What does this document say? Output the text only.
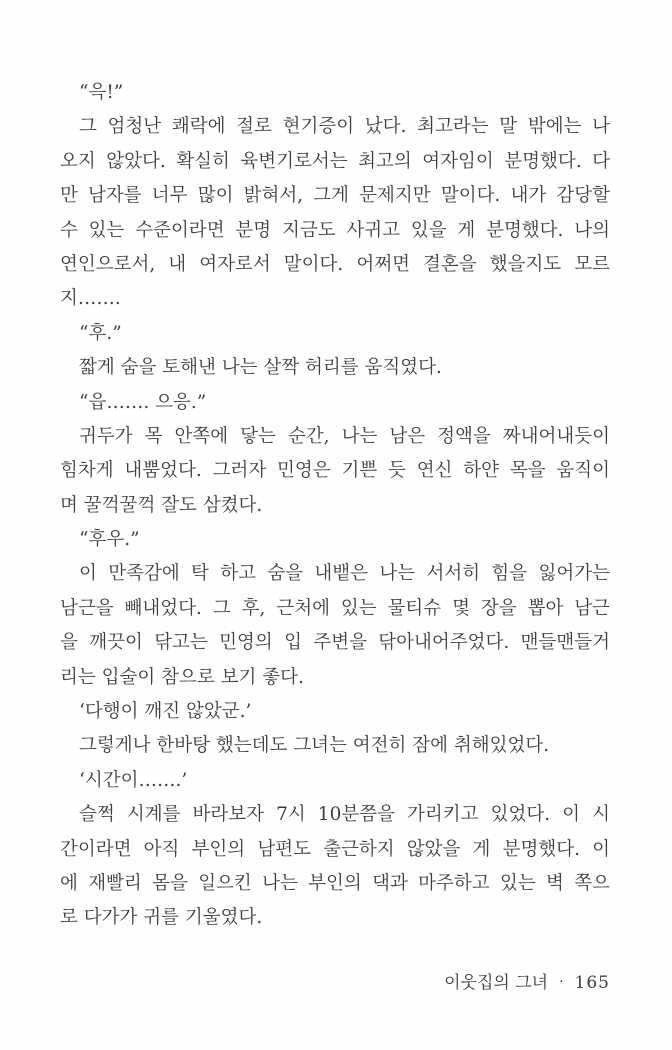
“윽!”
그 엄청난 쾌락에 절로 현기증이 났다. 최고라는 말 밖에는 나
오지 않았다. 확실히 육변기로서는 최고의 여자임이 분명했다. 다
만 남자를 너무 많이 밝혀서, 그게 문제지만 말이다. 내가 감당할
수 있는 수준이라면 분명 지금도 사귀고 있을 게 분명했다. 나의
연인으로서, 내 여자로서 말이다. 어쩌면 결혼을 했을지도 모르
지…….
“후.”
짧게 숨을 토해낸 나는 살짝 허리를 움직였다.
“읍……. 으응.”
귀두가 목 안쪽에 닿는 순간, 나는 남은 정액을 짜내어내듯이
힘차게 내뿜었다. 그러자 민영은 기쁜 듯 연신 하얀 목을 움직이
며 꿀꺽꿀꺽 잘도 삼켰다.
“후우.”
이 만족감에 탁 하고 숨을 내뱉은 나는 서서히 힘을 잃어가는
남근을 빼내었다. 그 후, 근처에 있는 물티슈 몇 장을 뽑아 남근
을 깨끗이 닦고는 민영의 입 주변을 닦아내어주었다. 맨들맨들거
리는 입술이 참으로 보기 좋다.
‘다행이 깨진 않았군.’
그렇게나 한바탕 했는데도 그녀는 여전히 잠에 취해있었다.
‘시간이…….’
슬쩍 시계를 바라보자 7시 10분쯤을 가리키고 있었다. 이 시
간이라면 아직 부인의 남편도 출근하지 않았을 게 분명했다. 이
에 재빨리 몸을 일으킨 나는 부인의 댁과 마주하고 있는 벽 쪽으
로 다가가 귀를 기울였다.
이웃집의 그녀 · 165
